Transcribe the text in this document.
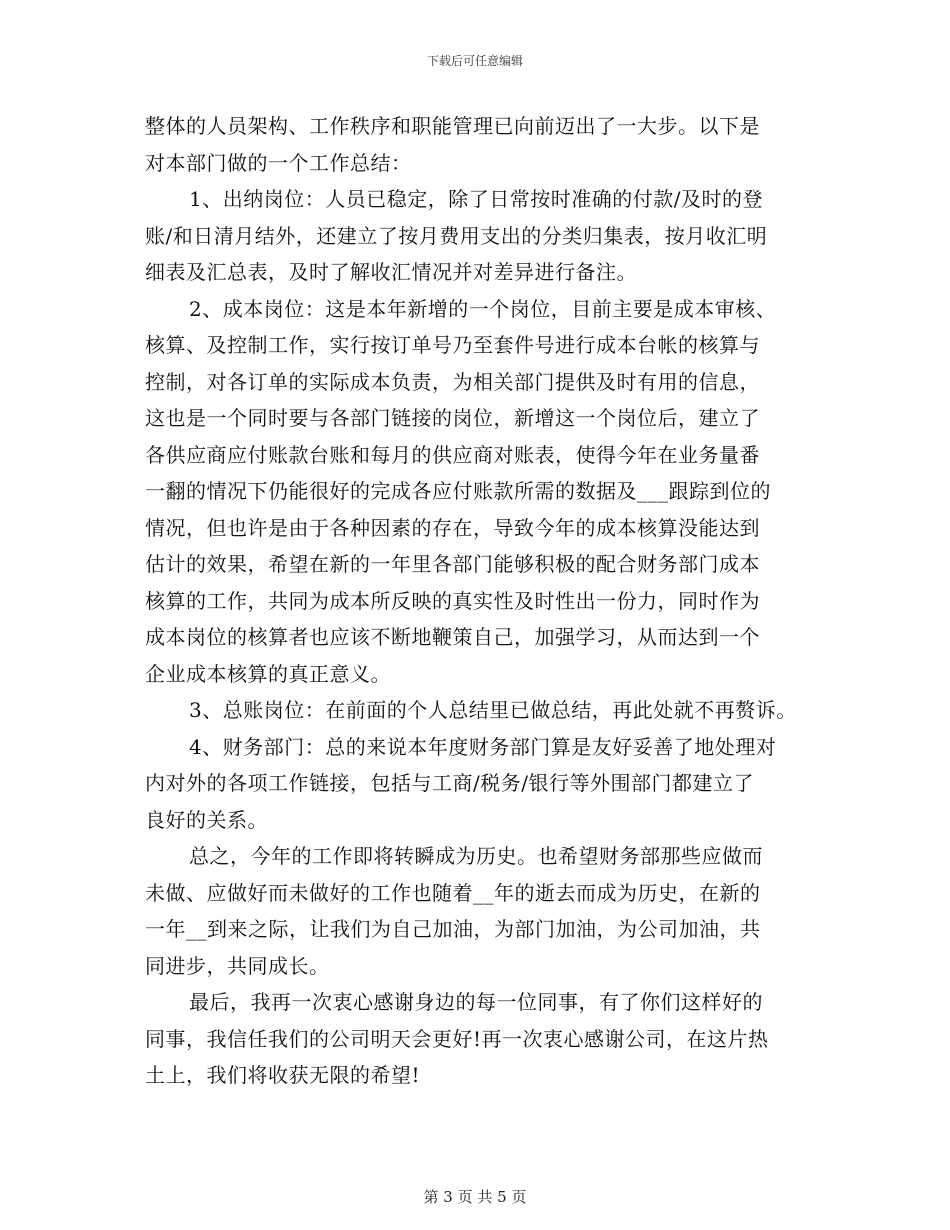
下载后可任意编辑
整体的人员架构、工作秩序和职能管理已向前迈出了一大步。以下是
对本部门做的一个工作总结：
1、出纳岗位：人员已稳定，除了日常按时准确的付款/及时的登
账/和日清月结外，还建立了按月费用支出的分类归集表，按月收汇明
细表及汇总表，及时了解收汇情况并对差异进行备注。
2、成本岗位：这是本年新增的一个岗位，目前主要是成本审核、
核算、及控制工作，实行按订单号乃至套件号进行成本台帐的核算与
控制，对各订单的实际成本负责，为相关部门提供及时有用的信息，
这也是一个同时要与各部门链接的岗位，新增这一个岗位后，建立了
各供应商应付账款台账和每月的供应商对账表，使得今年在业务量番
一翻的情况下仍能很好的完成各应付账款所需的数据及___跟踪到位的
情况，但也许是由于各种因素的存在，导致今年的成本核算没能达到
估计的效果，希望在新的一年里各部门能够积极的配合财务部门成本
核算的工作，共同为成本所反映的真实性及时性出一份力，同时作为
成本岗位的核算者也应该不断地鞭策自己，加强学习，从而达到一个
企业成本核算的真正意义。
3、总账岗位：在前面的个人总结里已做总结，再此处就不再赘诉。
4、财务部门：总的来说本年度财务部门算是友好妥善了地处理对
内对外的各项工作链接，包括与工商/税务/银行等外围部门都建立了
良好的关系。
总之，今年的工作即将转瞬成为历史。也希望财务部那些应做而
未做、应做好而未做好的工作也随着__年的逝去而成为历史，在新的
一年__到来之际，让我们为自己加油，为部门加油，为公司加油，共
同进步，共同成长。
最后，我再一次衷心感谢身边的每一位同事，有了你们这样好的
同事，我信任我们的公司明天会更好!再一次衷心感谢公司，在这片热
土上，我们将收获无限的希望!
第 3 页 共 5 页
